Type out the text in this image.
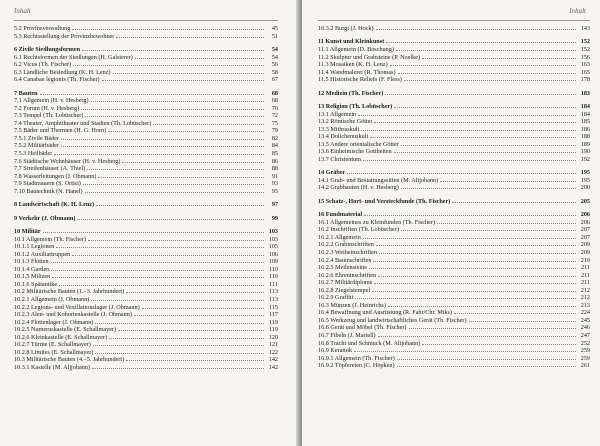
Inhalt
5.2 Provinzverwaltung	45
5.3 Rechtsstellung der Provinzbewohner	51
6 Zivile Siedlungsformen	54
6.1 Rechtsformen der Siedlungen (H. Galsterer)	54
6.2 Vicus (Th. Fischer)	56
6.3 Ländliche Besiedlung (K. H. Lenz)	58
6.4 Canabae legionis (Th. Fischer)	67
7 Bauten	68
7.1 Allgemein (H. v. Hesberg)	68
7.2 Forum (H. v. Hesberg)	70
7.3 Tempel (Th. Lobüscher)	72
7.4 Theater, Amphitheater und Stadien (Th. Lobüscher)	75
7.5 Bäder und Thermen (H. G. Horn)	79
7.5.1 Zivile Bäder	82
7.5.2 Militärbäder	84
7.5.3 Heilbäder	85
7.6 Städtische Wohnhäuser (H. v. Hesberg)	86
7.7 Streifenhäuser (A. Thiel)	88
7.8 Wasserleitungen (J. Obmann)	91
7.9 Stadtmauern (S. Ortisi)	93
7.10 Bautechnik (N. Hanel)	95
8 Landwirtschaft (K. H. Lenz)	97
9 Verkehr (J. Obmann)	99
10 Militär	103
10.1 Allgemein (Th. Fischer)	103
10.1.1 Legionen	105
10.1.2 Auxiliartruppen	106
10.1.3 Flotten	109
10.1.4 Garden	110
10.1.5 Milizen	110
10.1.6 Spätantike	111
10.2 Militärische Bauten (1.–3. Jahrhundert)	113
10.2.1 Allgemein (J. Obmann)	113
10.2.2 Legions- und Vexillationslager (J. Obmann)	115
10.2.3 Alen- und Kohortenkastelle (J. Obmann)	117
10.2.4 Flottenlager (J. Obmann)	119
10.2.5 Numeruskastelle (E. Schallmayer)	119
10.2.6 Kleinkastelle (E. Schallmayer)	120
10.2.7 Türme (E. Schallmayer)	121
10.2.8 Limites (E. Schallmayer)	122
10.3 Militärische Bauten (4.–5. Jahrhundert)	142
10.3.1 Kastelle (M. Aljjohann)	142
Inhalt
10.3.2 Burgi (J. Hock)	143
11 Kunst und Kleinkunst	152
11.1 Allgemein (D. Boschung)	152
11.2 Skulptur und Grabsteine (P. Noelke)	156
11.3 Mosaiken (K. H. Lenz)	163
11.4 Wandmalerei (R. Thomas)	165
11.5 Historische Reliefs (F. Fless)	178
12 Medizin (Th. Fischer)	183
13 Religion (Th. Lobüscher)	184
13.1 Allgemein	184
13.2 Römische Götter	185
13.3 Mithraskult	186
13.4 Dolichenuskult	188
13.5 Andere orientalische Götter	189
13.6 Einheimische Gottheiten	190
13.7 Christentum	192
14 Gräber	195
14.1 Grab- und Bestattungssitten (M. Altjohann)	195
14.2 Grabbauten (H. v. Hesberg)	200
15 Schatz-, Hort- und Versteckfunde (Th. Fischer)	205
16 Fundmaterial	206
16.1 Allgemeines zu Kleinfunden (Th. Fischer)	206
16.2 Inschriften (Th. Lobüscher)	207
16.2.1 Allgemein	207
16.2.2 Grabinschriften	209
16.2.3 Weiheinschriften	209
16.2.4 Bauinschriften	210
16.2.5 Meilensteine	211
16.2.6 Ehreninschriften	211
16.2.7 Militärdiplome	211
16.2.8 Ziegelstempel	212
16.2.9 Graffiti	212
16.3 Münzen (J. Heinrichs)	213
16.4 Bewaffnung und Ausrüstung (R. Fahr/Chr. Miks)	224
16.5 Werkzeug und landwirtschaftliches Gerät (Th. Fischer)	245
16.6 Gerät und Möbel (Th. Fischer)	246
16.7 Fibeln (J. Martell)	247
16.8 Tracht und Schmuck (M. Altjohann)	252
16.9 Keramik	259
16.9.1 Allgemein (Th. Fischer)	259
16.9.2 Töpfereien (C. Höpken)	261
